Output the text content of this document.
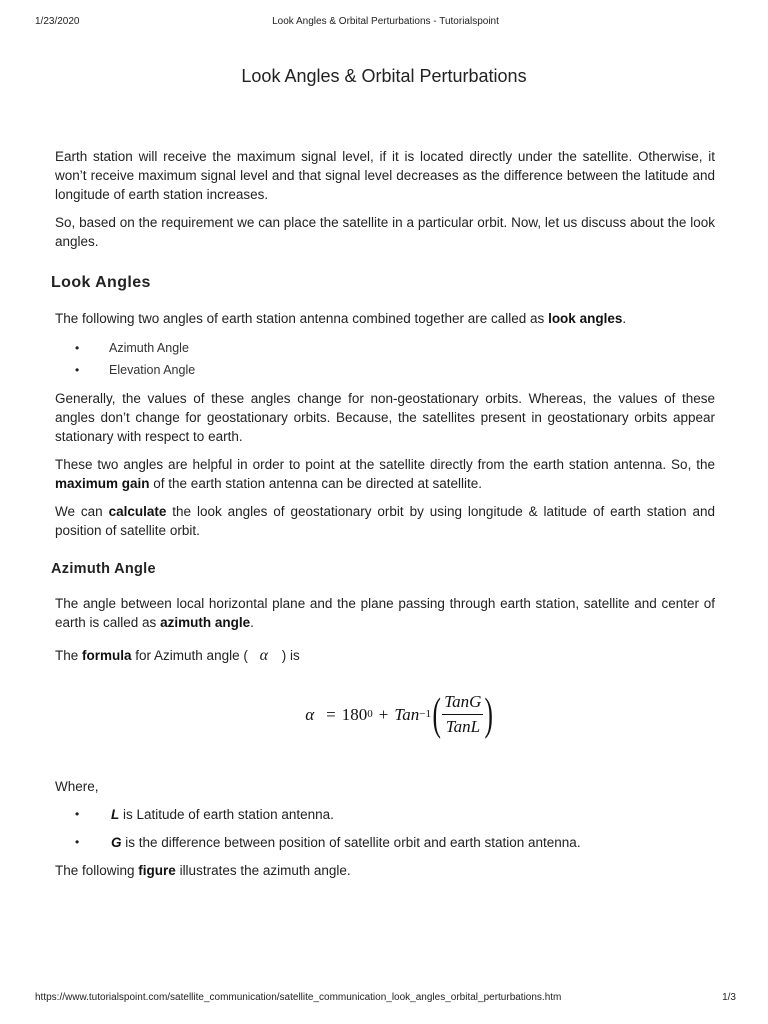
1/23/2020	Look Angles & Orbital Perturbations - Tutorialspoint
Look Angles & Orbital Perturbations

Earth station will receive the maximum signal level, if it is located directly under the satellite. Otherwise, it won’t receive maximum signal level and that signal level decreases as the difference between the latitude and longitude of earth station increases.

So, based on the requirement we can place the satellite in a particular orbit. Now, let us discuss about the look angles.

Look Angles

The following two angles of earth station antenna combined together are called as look angles.

• Azimuth Angle
• Elevation Angle

Generally, the values of these angles change for non-geostationary orbits. Whereas, the values of these angles don’t change for geostationary orbits. Because, the satellites present in geostationary orbits appear stationary with respect to earth.

These two angles are helpful in order to point at the satellite directly from the earth station antenna. So, the maximum gain of the earth station antenna can be directed at satellite.

We can calculate the look angles of geostationary orbit by using longitude & latitude of earth station and position of satellite orbit.

Azimuth Angle

The angle between local horizontal plane and the plane passing through earth station, satellite and center of earth is called as azimuth angle.

The formula for Azimuth angle ( α ) is

α = 180 0 + Tan −1 ( $\frac{\text{TanG}}{\text{TanL}}$ )

Where,

• L is Latitude of earth station antenna.
• G is the difference between position of satellite orbit and earth station antenna.

The following figure illustrates the azimuth angle.

https://www.tutorialspoint.com/satellite_communication/satellite_communication_look_angles_orbital_perturbations.htm	1/3
